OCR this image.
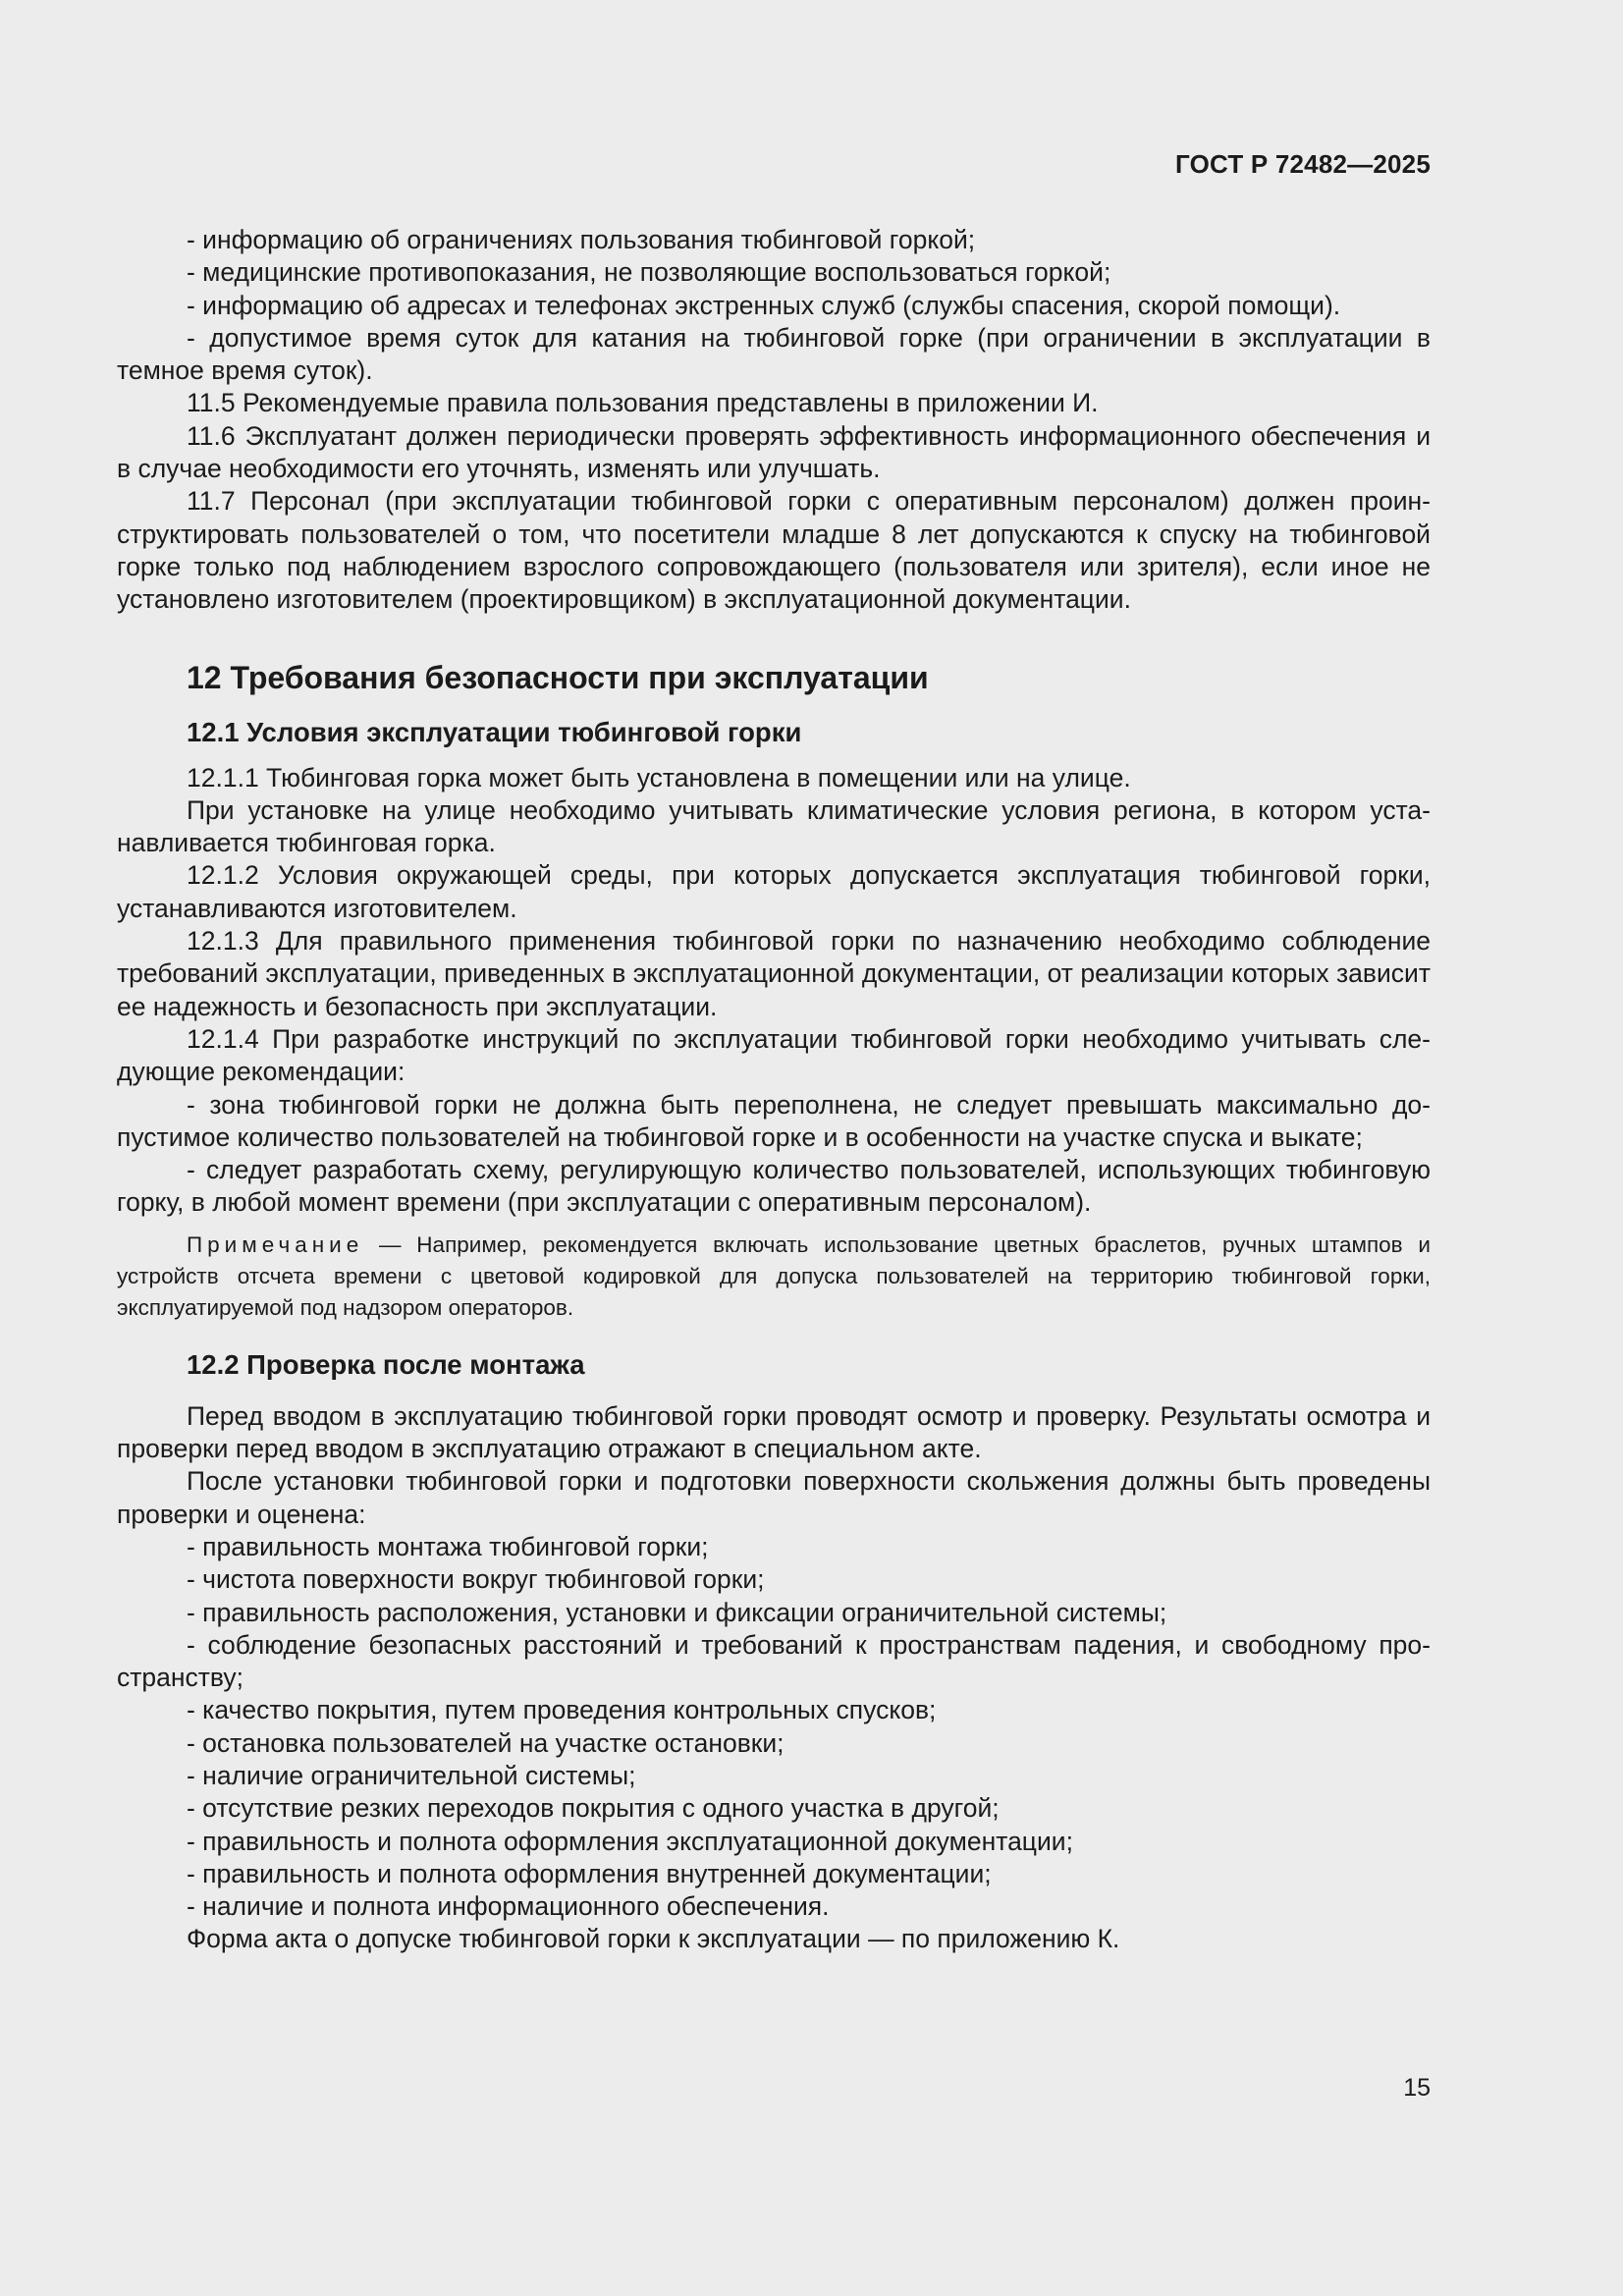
ГОСТ Р 72482—2025

- информацию об ограничениях пользования тюбинговой горкой;

- медицинские противопоказания, не позволяющие воспользоваться горкой;

- информацию об адресах и телефонах экстренных служб (службы спасения, скорой помощи).

- допустимое время суток для катания на тюбинговой горке (при ограничении в эксплуатации в темное время суток).

11.5 Рекомендуемые правила пользования представлены в приложении И.

11.6 Эксплуатант должен периодически проверять эффективность информационного обеспечения и в случае необходимости его уточнять, изменять или улучшать.

11.7 Персонал (при эксплуатации тюбинговой горки с оперативным персоналом) должен проинструктировать пользователей о том, что посетители младше 8 лет допускаются к спуску на тюбинговой горке только под наблюдением взрослого сопровождающего (пользователя или зрителя), если иное не установлено изготовителем (проектировщиком) в эксплуатационной документации.

12 Требования безопасности при эксплуатации
12.1 Условия эксплуатации тюбинговой горки

12.1.1 Тюбинговая горка может быть установлена в помещении или на улице.

При установке на улице необходимо учитывать климатические условия региона, в котором устанавливается тюбинговая горка.

12.1.2 Условия окружающей среды, при которых допускается эксплуатация тюбинговой горки, устанавливаются изготовителем.

12.1.3 Для правильного применения тюбинговой горки по назначению необходимо соблюдение требований эксплуатации, приведенных в эксплуатационной документации, от реализации которых зависит ее надежность и безопасность при эксплуатации.

12.1.4 При разработке инструкций по эксплуатации тюбинговой горки необходимо учитывать следующие рекомендации:

- зона тюбинговой горки не должна быть переполнена, не следует превышать максимально допустимое количество пользователей на тюбинговой горке и в особенности на участке спуска и выкате;

- следует разработать схему, регулирующую количество пользователей, использующих тюбинговую горку, в любой момент времени (при эксплуатации с оперативным персоналом).

Примечание — Например, рекомендуется включать использование цветных браслетов, ручных штампов и устройств отсчета времени с цветовой кодировкой для допуска пользователей на территорию тюбинговой горки, эксплуатируемой под надзором операторов.

12.2 Проверка после монтажа

Перед вводом в эксплуатацию тюбинговой горки проводят осмотр и проверку. Результаты осмотра и проверки перед вводом в эксплуатацию отражают в специальном акте.

После установки тюбинговой горки и подготовки поверхности скольжения должны быть проведены проверки и оценена:

- правильность монтажа тюбинговой горки;

- чистота поверхности вокруг тюбинговой горки;

- правильность расположения, установки и фиксации ограничительной системы;

- соблюдение безопасных расстояний и требований к пространствам падения, и свободному пространству;

- качество покрытия, путем проведения контрольных спусков;

- остановка пользователей на участке остановки;

- наличие ограничительной системы;

- отсутствие резких переходов покрытия с одного участка в другой;

- правильность и полнота оформления эксплуатационной документации;

- правильность и полнота оформления внутренней документации;

- наличие и полнота информационного обеспечения.

Форма акта о допуске тюбинговой горки к эксплуатации — по приложению К.

15
